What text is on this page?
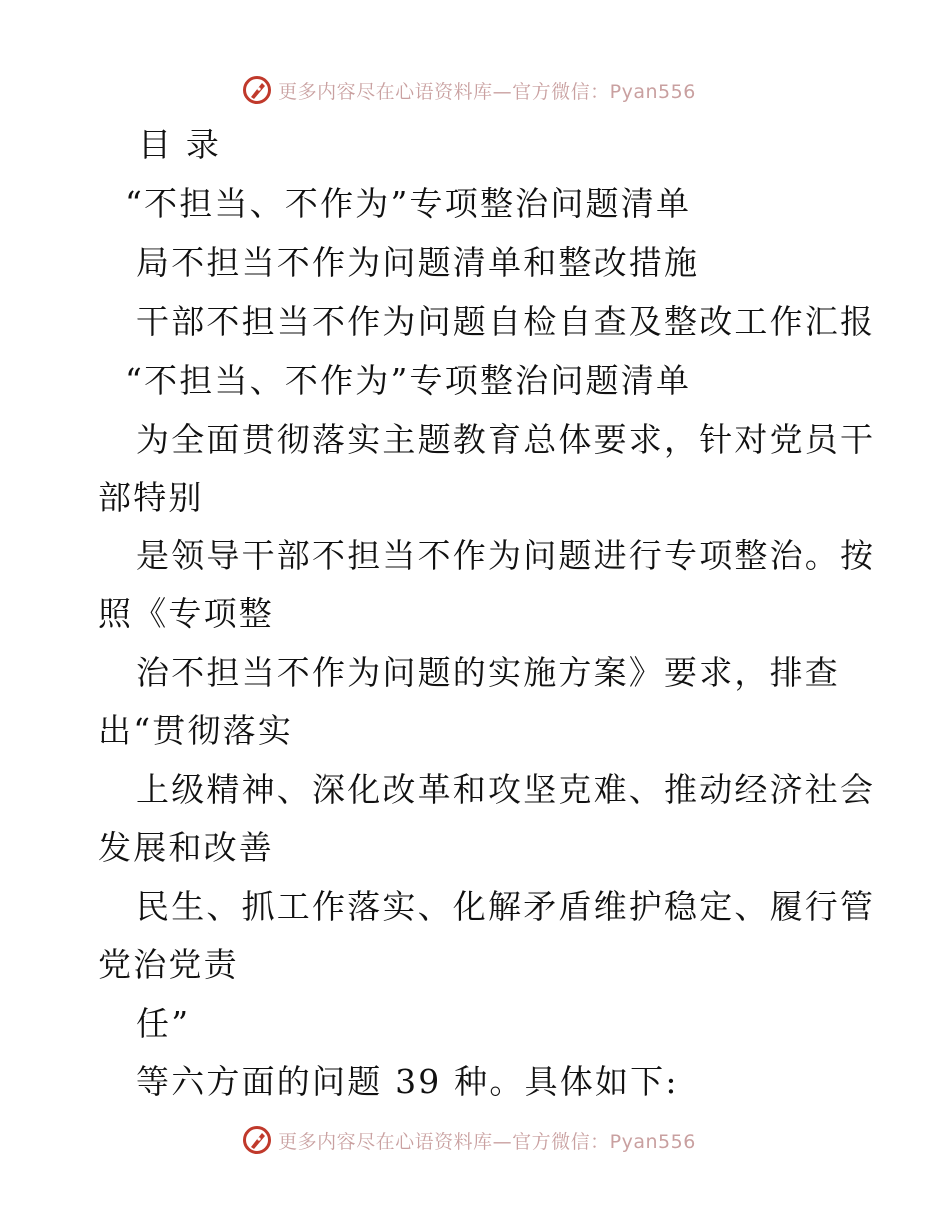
更多内容尽在心语资料库—官方微信：Pyan556
目 录
“不担当、不作为”专项整治问题清单
局不担当不作为问题清单和整改措施
干部不担当不作为问题自检自查及整改工作汇报
“不担当、不作为”专项整治问题清单
为全面贯彻落实主题教育总体要求，针对党员干
部特别
是领导干部不担当不作为问题进行专项整治。按
照《专项整
治不担当不作为问题的实施方案》要求，排查
出“贯彻落实
上级精神、深化改革和攻坚克难、推动经济社会
发展和改善
民生、抓工作落实、化解矛盾维护稳定、履行管
党治党责
任”
等六方面的问题 39 种。具体如下:
更多内容尽在心语资料库—官方微信：Pyan556
